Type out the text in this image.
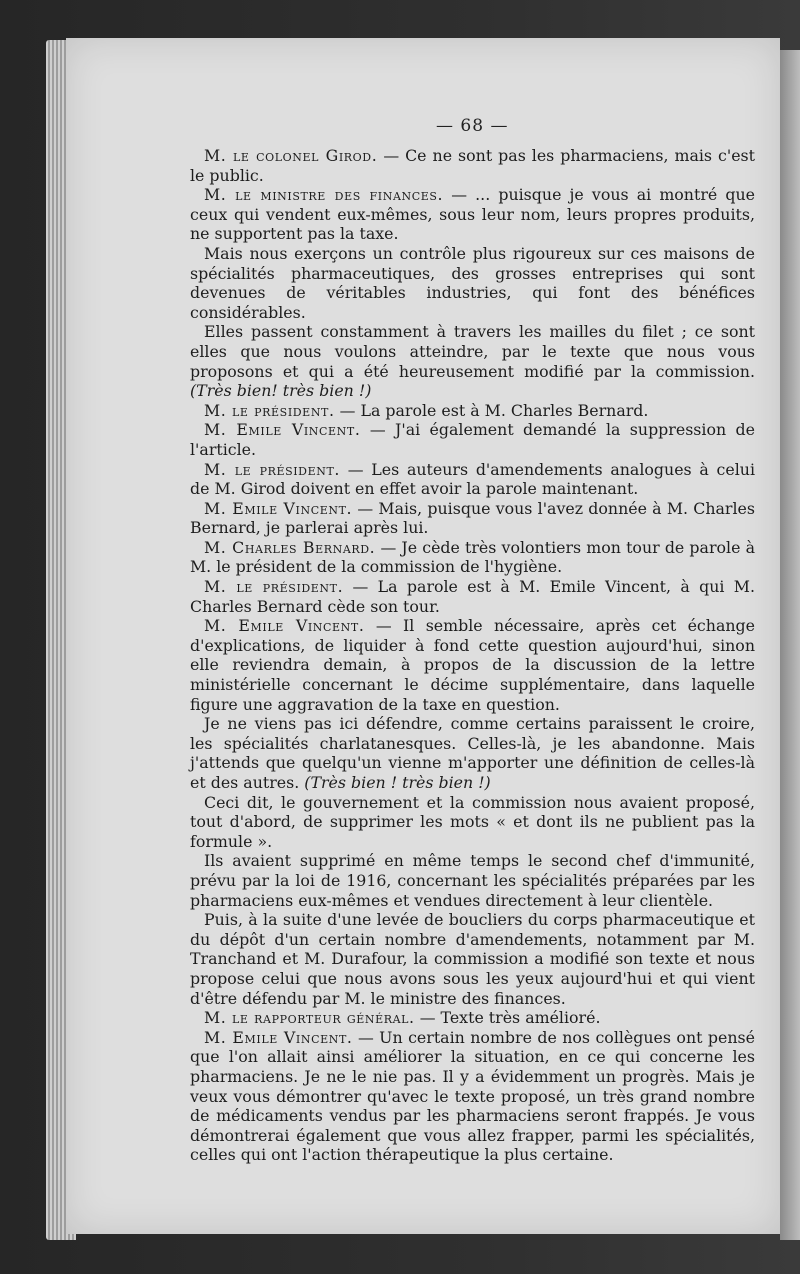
— 68 —

M. le colonel Girod. — Ce ne sont pas les pharmaciens, mais c'est le public.

M. le ministre des finances. — ... puisque je vous ai montré que ceux qui vendent eux-mêmes, sous leur nom, leurs propres produits, ne supportent pas la taxe.

Mais nous exerçons un contrôle plus rigoureux sur ces maisons de spécialités pharmaceutiques, des grosses entreprises qui sont devenues de véritables industries, qui font des bénéfices considérables.

Elles passent constamment à travers les mailles du filet ; ce sont elles que nous voulons atteindre, par le texte que nous vous proposons et qui a été heureusement modifié par la commission. (Très bien! très bien !)

M. le président. — La parole est à M. Charles Bernard.

M. Emile Vincent. — J'ai également demandé la suppression de l'article.

M. le président. — Les auteurs d'amendements analogues à celui de M. Girod doivent en effet avoir la parole maintenant.

M. Emile Vincent. — Mais, puisque vous l'avez donnée à M. Charles Bernard, je parlerai après lui.

M. Charles Bernard. — Je cède très volontiers mon tour de parole à M. le président de la commission de l'hygiène.

M. le président. — La parole est à M. Emile Vincent, à qui M. Charles Bernard cède son tour.

M. Emile Vincent. — Il semble nécessaire, après cet échange d'explications, de liquider à fond cette question aujourd'hui, sinon elle reviendra demain, à propos de la discussion de la lettre ministérielle concernant le décime supplémentaire, dans laquelle figure une aggravation de la taxe en question.

Je ne viens pas ici défendre, comme certains paraissent le croire, les spécialités charlatanesques. Celles-là, je les abandonne. Mais j'attends que quelqu'un vienne m'apporter une définition de celles-là et des autres. (Très bien ! très bien !)

Ceci dit, le gouvernement et la commission nous avaient proposé, tout d'abord, de supprimer les mots « et dont ils ne publient pas la formule ».

Ils avaient supprimé en même temps le second chef d'immunité, prévu par la loi de 1916, concernant les spécialités préparées par les pharmaciens eux-mêmes et vendues directement à leur clientèle.

Puis, à la suite d'une levée de boucliers du corps pharmaceutique et du dépôt d'un certain nombre d'amendements, notamment par M. Tranchand et M. Durafour, la commission a modifié son texte et nous propose celui que nous avons sous les yeux aujourd'hui et qui vient d'être défendu par M. le ministre des finances.

M. le rapporteur général. — Texte très amélioré.

M. Emile Vincent. — Un certain nombre de nos collègues ont pensé que l'on allait ainsi améliorer la situation, en ce qui concerne les pharmaciens. Je ne le nie pas. Il y a évidemment un progrès. Mais je veux vous démontrer qu'avec le texte proposé, un très grand nombre de médicaments vendus par les pharmaciens seront frappés. Je vous démontrerai également que vous allez frapper, parmi les spécialités, celles qui ont l'action thérapeutique la plus certaine.
